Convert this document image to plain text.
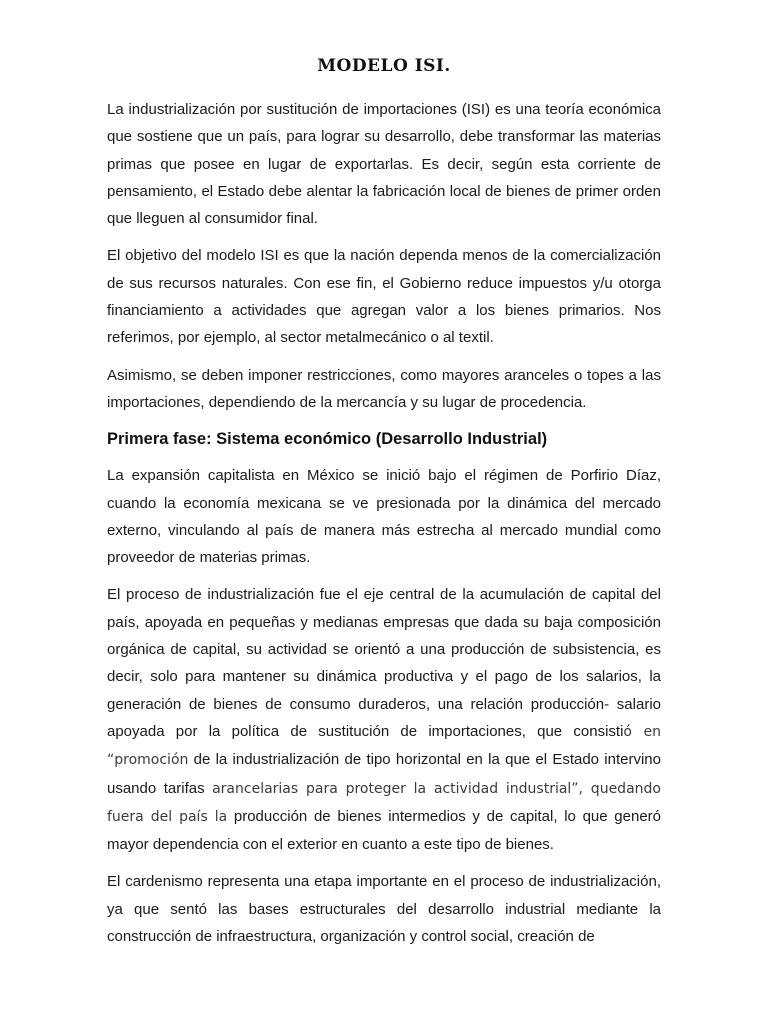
MODELO ISI.

La industrialización por sustitución de importaciones (ISI) es una teoría económica que sostiene que un país, para lograr su desarrollo, debe transformar las materias primas que posee en lugar de exportarlas. Es decir, según esta corriente de pensamiento, el Estado debe alentar la fabricación local de bienes de primer orden que lleguen al consumidor final.

El objetivo del modelo ISI es que la nación dependa menos de la comercialización de sus recursos naturales. Con ese fin, el Gobierno reduce impuestos y/u otorga financiamiento a actividades que agregan valor a los bienes primarios. Nos referimos, por ejemplo, al sector metalmecánico o al textil.

Asimismo, se deben imponer restricciones, como mayores aranceles o topes a las importaciones, dependiendo de la mercancía y su lugar de procedencia.

Primera fase: Sistema económico (Desarrollo Industrial)

La expansión capitalista en México se inició bajo el régimen de Porfirio Díaz, cuando la economía mexicana se ve presionada por la dinámica del mercado externo, vinculando al país de manera más estrecha al mercado mundial como proveedor de materias primas.

El proceso de industrialización fue el eje central de la acumulación de capital del país, apoyada en pequeñas y medianas empresas que dada su baja composición orgánica de capital, su actividad se orientó a una producción de subsistencia, es decir, solo para mantener su dinámica productiva y el pago de los salarios, la generación de bienes de consumo duraderos, una relación producción- salario apoyada por la política de sustitución de importaciones, que consistió en “promoción de la industrialización de tipo horizontal en la que el Estado intervino usando tarifas arancelarias para proteger la actividad industrial”, quedando fuera del país la producción de bienes intermedios y de capital, lo que generó mayor dependencia con el exterior en cuanto a este tipo de bienes.

El cardenismo representa una etapa importante en el proceso de industrialización, ya que sentó las bases estructurales del desarrollo industrial mediante la construcción de infraestructura, organización y control social, creación de
